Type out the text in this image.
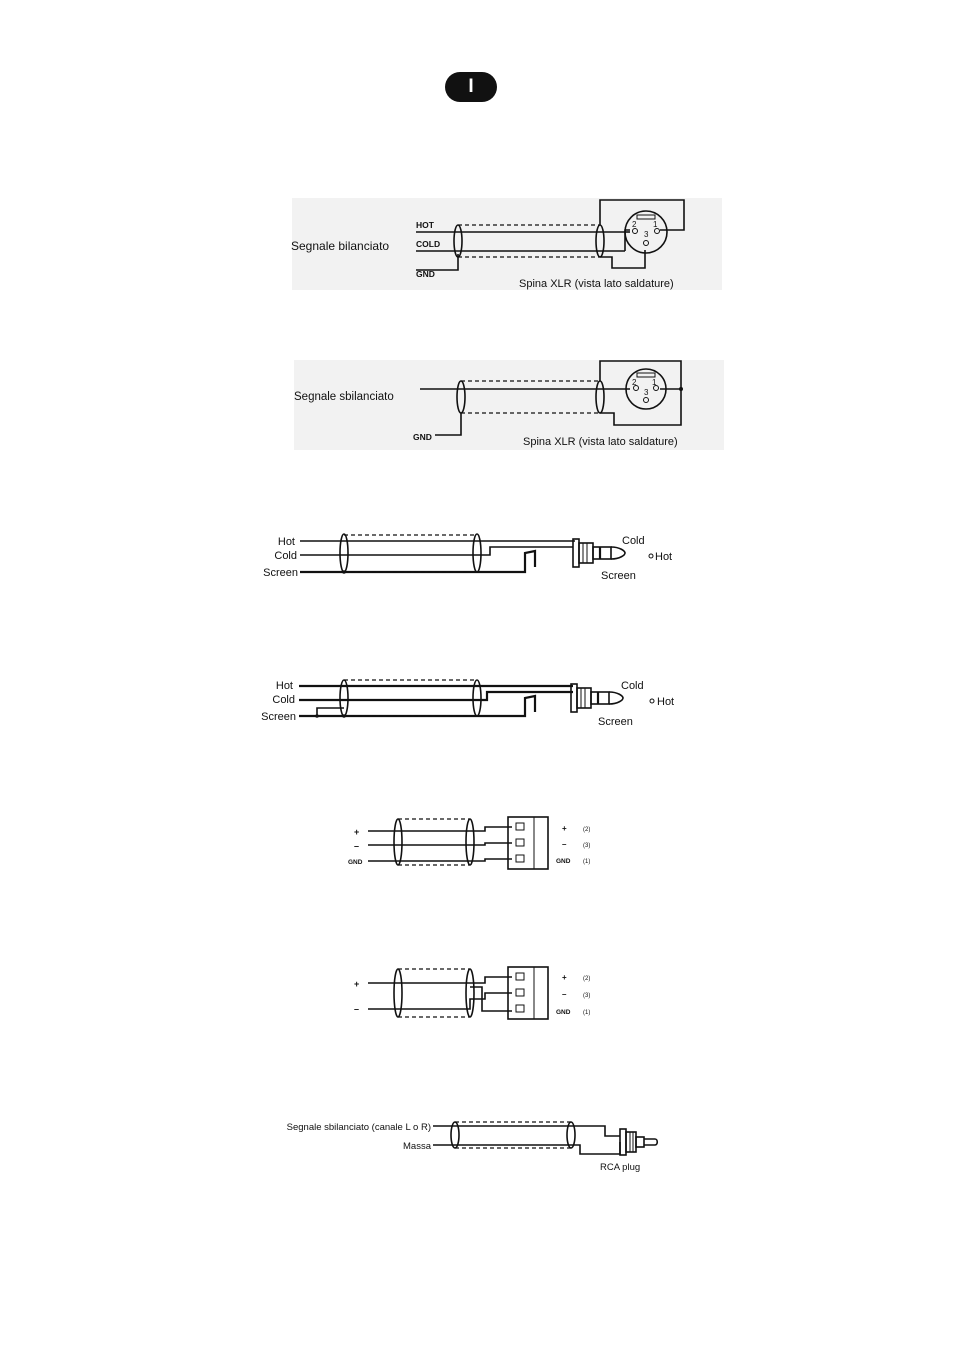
I
Segnale bilanciato
HOT
COLD
GND
2 1
3
Spina XLR (vista lato saldature)
Segnale sbilanciato
GND
2 1
3
Spina XLR (vista lato saldature)
Hot
Cold
Screen
Cold
Hot
Screen
Hot
Cold
Screen
Cold
Hot
Screen
+
–
GND
+	(2)
–	(3)
GND (1)
+
–
+	(2)
–	(3)
GND (1)
Segnale sbilanciato (canale L o R)
Massa
RCA plug
